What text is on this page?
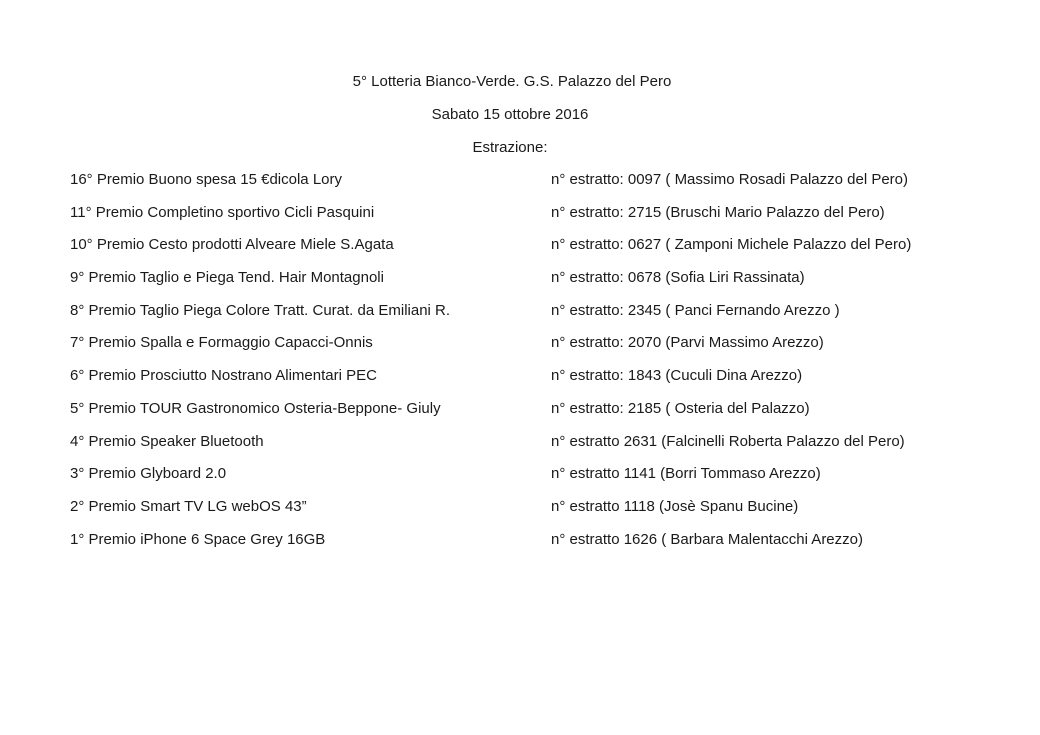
5° Lotteria Bianco-Verde. G.S. Palazzo del Pero
Sabato 15 ottobre 2016
Estrazione:
16° Premio Buono spesa 15 €dicola Lory	n° estratto: 0097 ( Massimo Rosadi Palazzo del Pero)
11° Premio Completino sportivo Cicli Pasquini	n° estratto: 2715 (Bruschi Mario Palazzo del Pero)
10° Premio Cesto prodotti Alveare Miele S.Agata	n° estratto: 0627 ( Zamponi Michele Palazzo del Pero)
9° Premio Taglio e Piega Tend. Hair Montagnoli	n° estratto: 0678 (Sofia Liri Rassinata)
8° Premio Taglio Piega Colore Tratt. Curat. da Emiliani R.	n° estratto: 2345 ( Panci Fernando Arezzo )
7° Premio Spalla e Formaggio Capacci-Onnis	n° estratto: 2070 (Parvi Massimo Arezzo)
6° Premio Prosciutto Nostrano Alimentari PEC	n° estratto: 1843 (Cuculi Dina Arezzo)
5° Premio TOUR Gastronomico Osteria-Beppone- Giuly	n° estratto: 2185 ( Osteria del Palazzo)
4° Premio Speaker Bluetooth	n° estratto 2631 (Falcinelli Roberta Palazzo del Pero)
3° Premio Glyboard 2.0	n° estratto 1141 (Borri Tommaso Arezzo)
2° Premio Smart TV LG webOS 43”	n° estratto 1118 (Josè Spanu Bucine)
1° Premio iPhone 6 Space Grey 16GB	n° estratto 1626 ( Barbara Malentacchi Arezzo)
